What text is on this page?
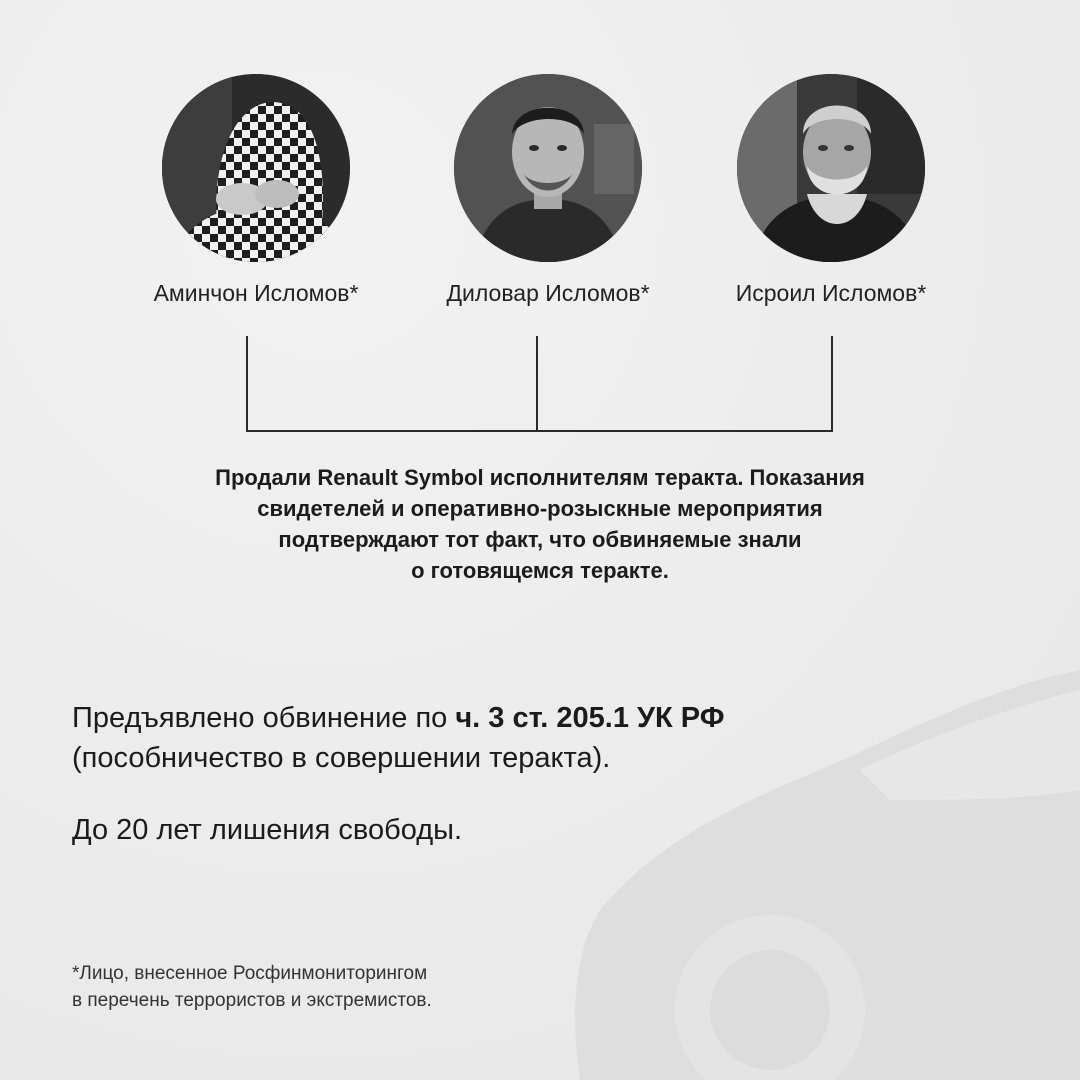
Аминчон Исломов*	Диловар Исломов*	Исроил Исломов*
Продали Renault Symbol исполнителям теракта. Показания
свидетелей и оперативно-розыскные мероприятия
подтверждают тот факт, что обвиняемые знали
о готовящемся теракте.
Предъявлено обвинение по ч. 3 ст. 205.1 УК РФ
(пособничество в совершении теракта).
До 20 лет лишения свободы.
*Лицо, внесенное Росфинмониторингом
в перечень террористов и экстремистов.
